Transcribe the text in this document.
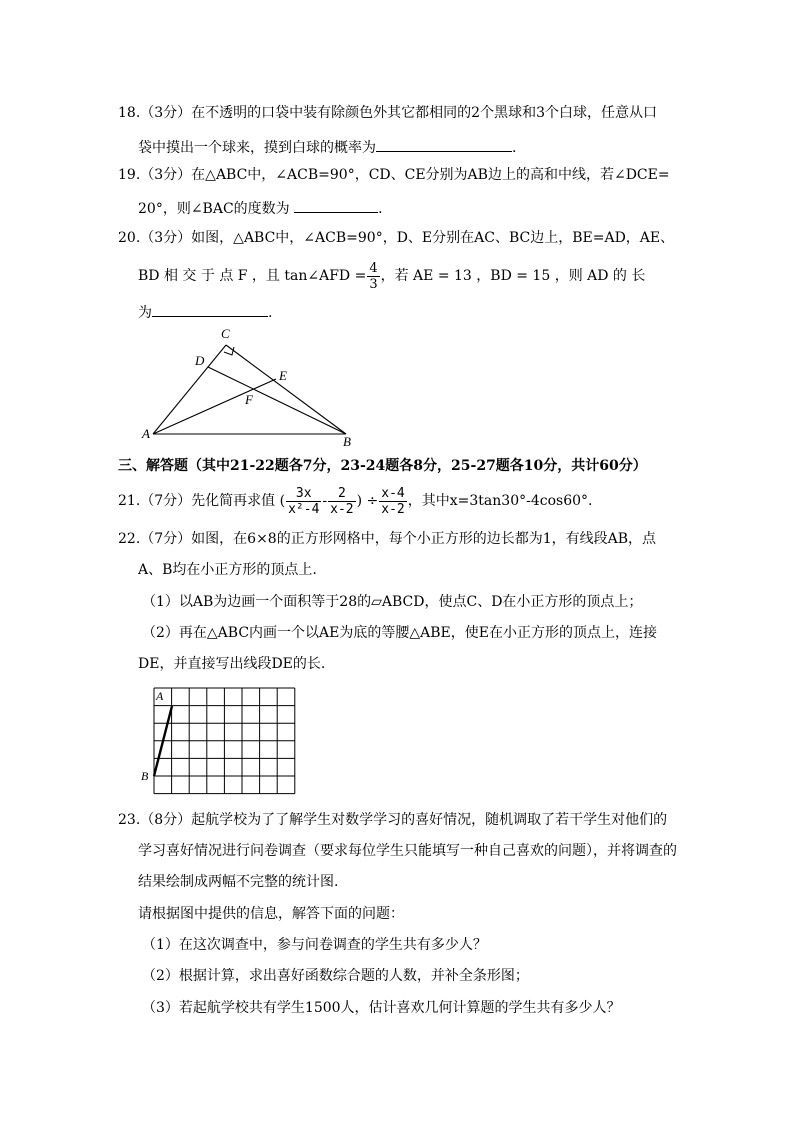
18.（3分）在不透明的口袋中装有除颜色外其它都相同的2个黑球和3个白球，任意从口
袋中摸出一个球来，摸到白球的概率为	.
19.（3分）在△ABC中，∠ACB=90°，CD、CE分别为AB边上的高和中线，若∠DCE=
20°，则∠BAC的度数为	.
20.（3分）如图，△ABC中，∠ACB=90°，D、E分别在AC、BC边上，BE=AD，AE、
BD 相 交 于 点 F ，且 tan∠AFD = $\frac{4}{3}$ ，若 AE = 13 ，BD = 15 ，则 AD 的 长
为	.
C
D
E
F
A
B
三、解答题（其中21-22题各7分，23-24题各8分，25-27题各10分，共计60分）
21.（7分）先化简再求值 ( $\frac{3x}{\text{x²-4}} - \frac{2}{x-2}$ ) ÷ $\frac{x-4}{x-2}$ ，其中x=3tan30°-4cos60°.
22.（7分）如图，在6×8的正方形网格中，每个小正方形的边长都为1，有线段AB，点
A、B均在小正方形的顶点上.
（1）以AB为边画一个面积等于28的▱ABCD，使点C、D在小正方形的顶点上；
（2）再在△ABC内画一个以AE为底的等腰△ABE，使E在小正方形的顶点上，连接
DE，并直接写出线段DE的长.
A
B
23.（8分）起航学校为了了解学生对数学学习的喜好情况，随机调取了若干学生对他们的
学习喜好情况进行问卷调查（要求每位学生只能填写一种自己喜欢的问题），并将调查的
结果绘制成两幅不完整的统计图.
请根据图中提供的信息，解答下面的问题：
（1）在这次调查中，参与问卷调查的学生共有多少人？
（2）根据计算，求出喜好函数综合题的人数，并补全条形图；
（3）若起航学校共有学生1500人，估计喜欢几何计算题的学生共有多少人？
